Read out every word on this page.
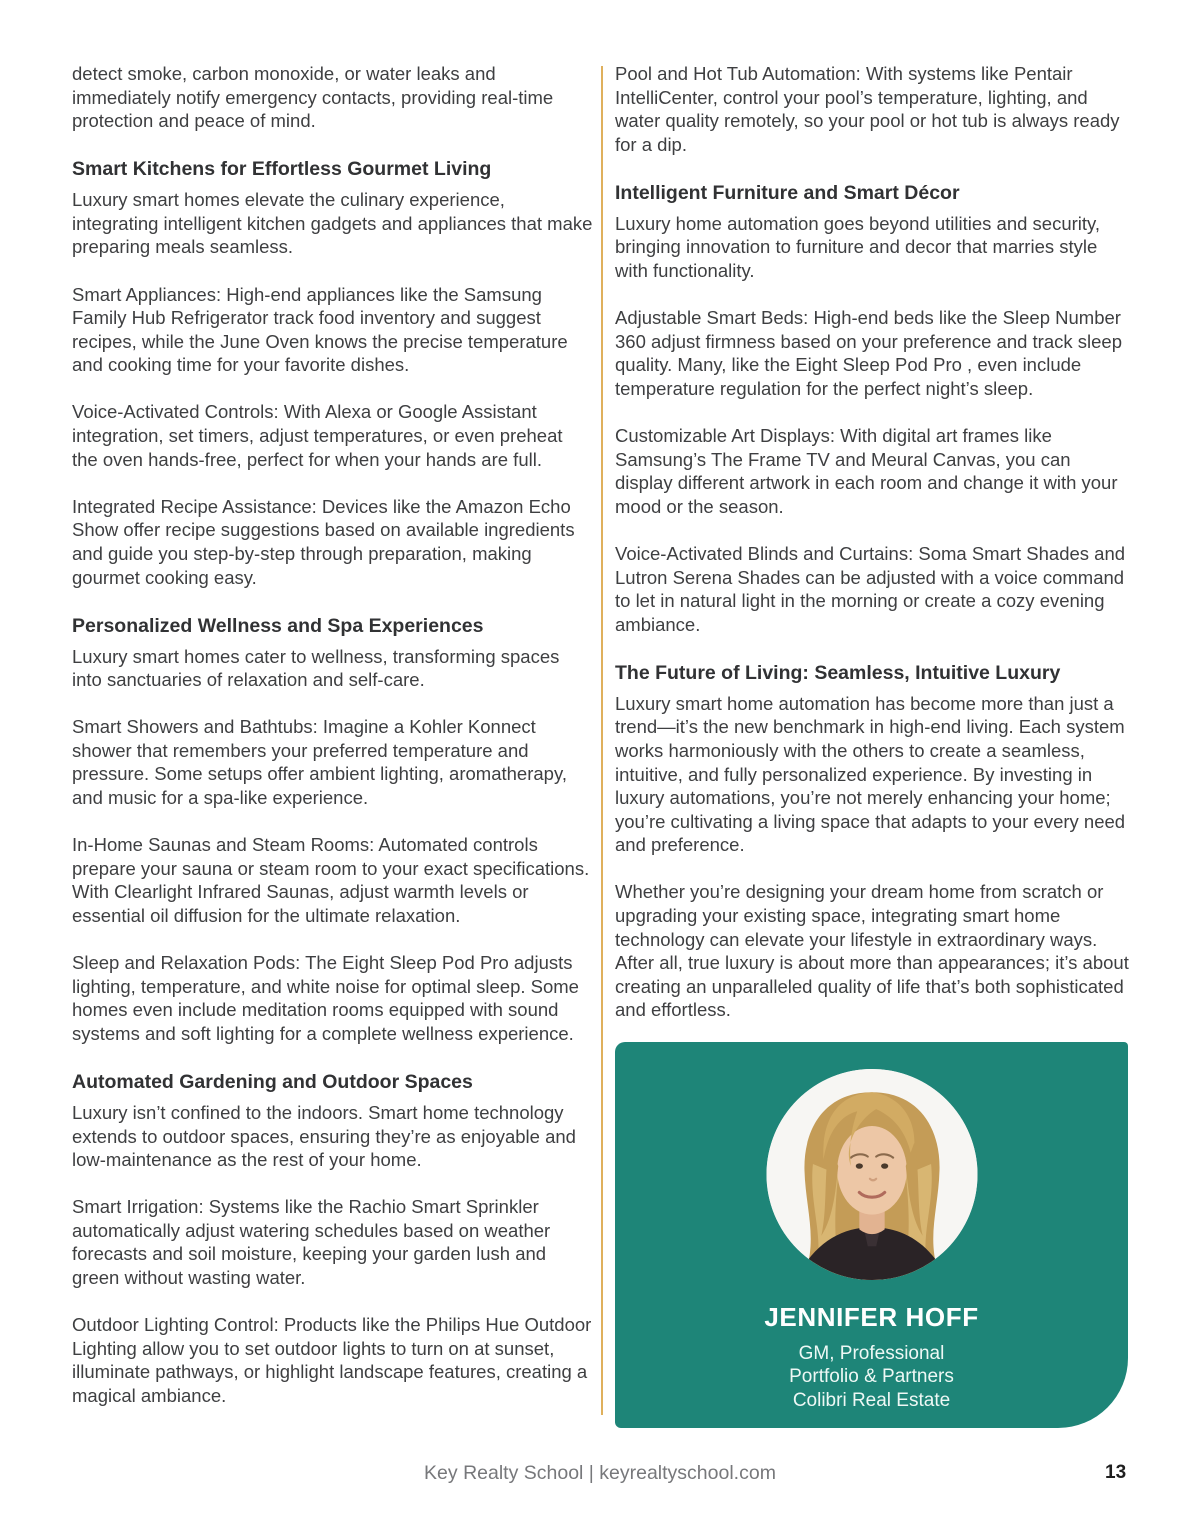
detect smoke, carbon monoxide, or water leaks and immediately notify emergency contacts, providing real-time protection and peace of mind.

Smart Kitchens for Effortless Gourmet Living

Luxury smart homes elevate the culinary experience, integrating intelligent kitchen gadgets and appliances that make preparing meals seamless.

Smart Appliances: High-end appliances like the Samsung Family Hub Refrigerator track food inventory and suggest recipes, while the June Oven knows the precise temperature and cooking time for your favorite dishes.

Voice-Activated Controls: With Alexa or Google Assistant integration, set timers, adjust temperatures, or even preheat the oven hands-free, perfect for when your hands are full.

Integrated Recipe Assistance: Devices like the Amazon Echo Show offer recipe suggestions based on available ingredients and guide you step-by-step through preparation, making gourmet cooking easy.

Personalized Wellness and Spa Experiences

Luxury smart homes cater to wellness, transforming spaces into sanctuaries of relaxation and self-care.

Smart Showers and Bathtubs: Imagine a Kohler Konnect shower that remembers your preferred temperature and pressure. Some setups offer ambient lighting, aromatherapy, and music for a spa-like experience.

In-Home Saunas and Steam Rooms: Automated controls prepare your sauna or steam room to your exact specifications. With Clearlight Infrared Saunas, adjust warmth levels or essential oil diffusion for the ultimate relaxation.

Sleep and Relaxation Pods: The Eight Sleep Pod Pro adjusts lighting, temperature, and white noise for optimal sleep. Some homes even include meditation rooms equipped with sound systems and soft lighting for a complete wellness experience.

Automated Gardening and Outdoor Spaces

Luxury isn’t confined to the indoors. Smart home technology extends to outdoor spaces, ensuring they’re as enjoyable and low-maintenance as the rest of your home.

Smart Irrigation: Systems like the Rachio Smart Sprinkler automatically adjust watering schedules based on weather forecasts and soil moisture, keeping your garden lush and green without wasting water.

Outdoor Lighting Control: Products like the Philips Hue Outdoor Lighting allow you to set outdoor lights to turn on at sunset, illuminate pathways, or highlight landscape features, creating a magical ambiance.

Pool and Hot Tub Automation: With systems like Pentair IntelliCenter, control your pool’s temperature, lighting, and water quality remotely, so your pool or hot tub is always ready for a dip.

Intelligent Furniture and Smart Décor

Luxury home automation goes beyond utilities and security, bringing innovation to furniture and decor that marries style with functionality.

Adjustable Smart Beds: High-end beds like the Sleep Number 360 adjust firmness based on your preference and track sleep quality. Many, like the Eight Sleep Pod Pro , even include temperature regulation for the perfect night’s sleep.

Customizable Art Displays: With digital art frames like Samsung’s The Frame TV and Meural Canvas, you can display different artwork in each room and change it with your mood or the season.

Voice-Activated Blinds and Curtains: Soma Smart Shades and Lutron Serena Shades can be adjusted with a voice command to let in natural light in the morning or create a cozy evening ambiance.

The Future of Living: Seamless, Intuitive Luxury

Luxury smart home automation has become more than just a trend—it’s the new benchmark in high-end living. Each system works harmoniously with the others to create a seamless, intuitive, and fully personalized experience. By investing in luxury automations, you’re not merely enhancing your home; you’re cultivating a living space that adapts to your every need and preference.

Whether you’re designing your dream home from scratch or upgrading your existing space, integrating smart home technology can elevate your lifestyle in extraordinary ways. After all, true luxury is about more than appearances; it’s about creating an unparalleled quality of life that’s both sophisticated and effortless.

JENNIFER HOFF
GM, Professional
Portfolio & Partners
Colibri Real Estate
Key Realty School | keyrealtyschool.com	13
